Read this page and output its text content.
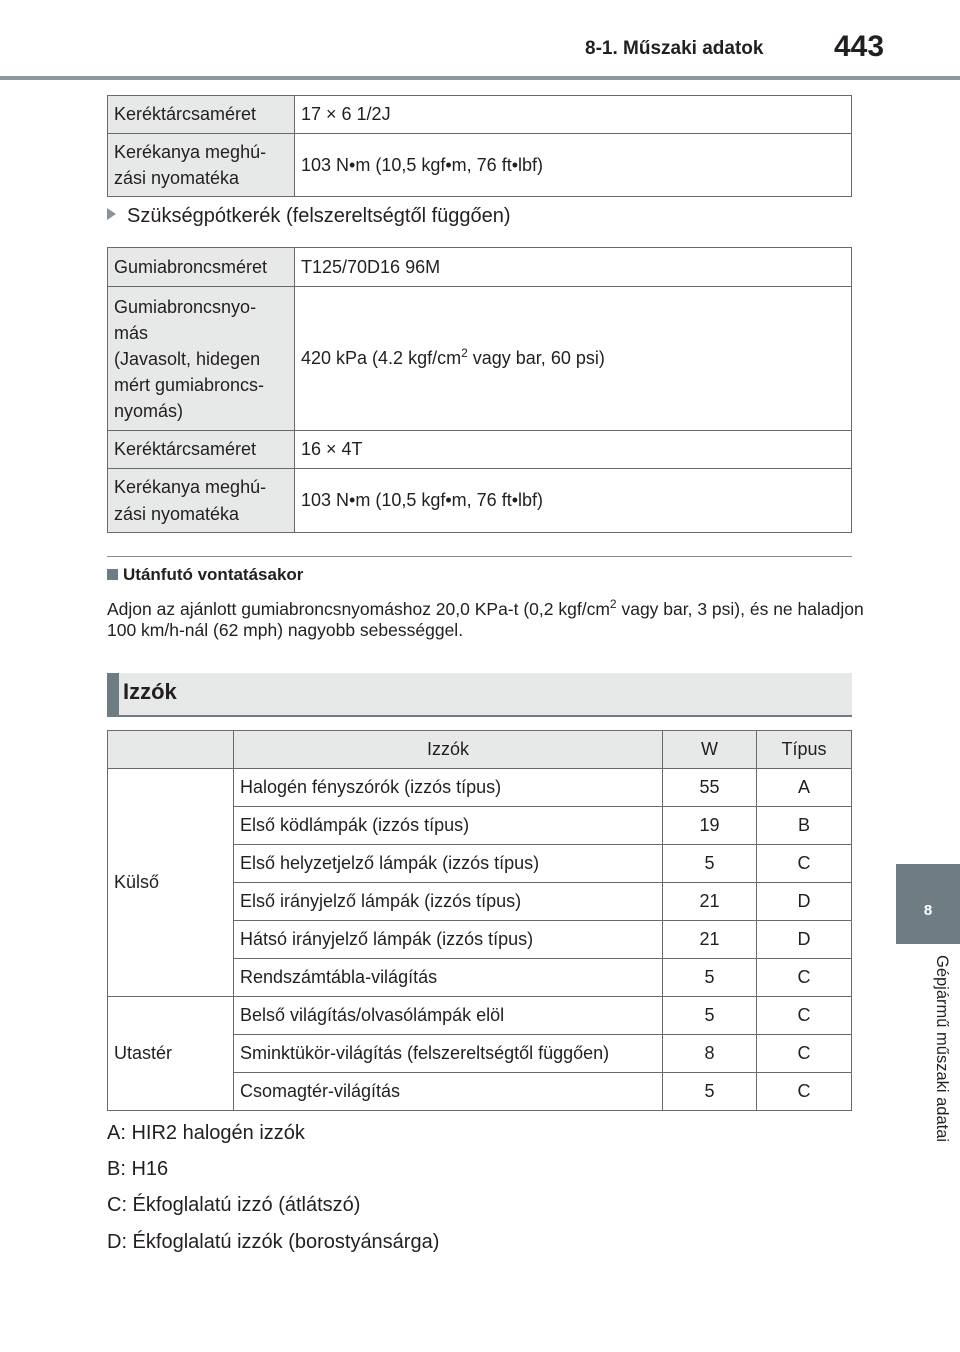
8-1. Műszaki adatok 443
8
Gépjármű műszaki adatai
Keréktárcsaméret	17 × 6 1/2J
Kerékanya meghú-
zási nyomatéka	103 N•m (10,5 kgf•m, 76 ft•lbf)
Szükségpótkerék (felszereltségtől függően)
Gumiabroncsméret	T125/70D16 96M
Gumiabroncsnyo-
más
(Javasolt, hidegen
mért gumiabroncs-
nyomás)	420 kPa (4.2 kgf/$cm^2$ vagy bar, 60 psi)
Keréktárcsaméret	16 × 4T
Kerékanya meghú-
zási nyomatéka	103 N•m (10,5 kgf•m, 76 ft•lbf)
Utánfutó vontatásakor
Adjon az ajánlott gumiabroncsnyomáshoz 20,0 KPa-t (0,2 kgf/$cm^2$ vagy bar, 3 psi), és ne haladjon 100 km/h-nál (62 mph) nagyobb sebességgel.
Izzók
	Izzók	W	Típus
Külső	Halogén fényszórók (izzós típus)	55	A
	Első ködlámpák (izzós típus)	19	B
	Első helyzetjelző lámpák (izzós típus)	5	C
	Első irányjelző lámpák (izzós típus)	21	D
	Hátsó irányjelző lámpák (izzós típus)	21	D
	Rendszámtábla-világítás	5	C
Utastér	Belső világítás/olvasólámpák elöl	5	C
	Sminktükör-világítás (felszereltségtől függően)	8	C
	Csomagtér-világítás	5	C
A: HIR2 halogén izzók
B: H16
C: Ékfoglalatú izzó (átlátszó)
D: Ékfoglalatú izzók (borostyánsárga)
